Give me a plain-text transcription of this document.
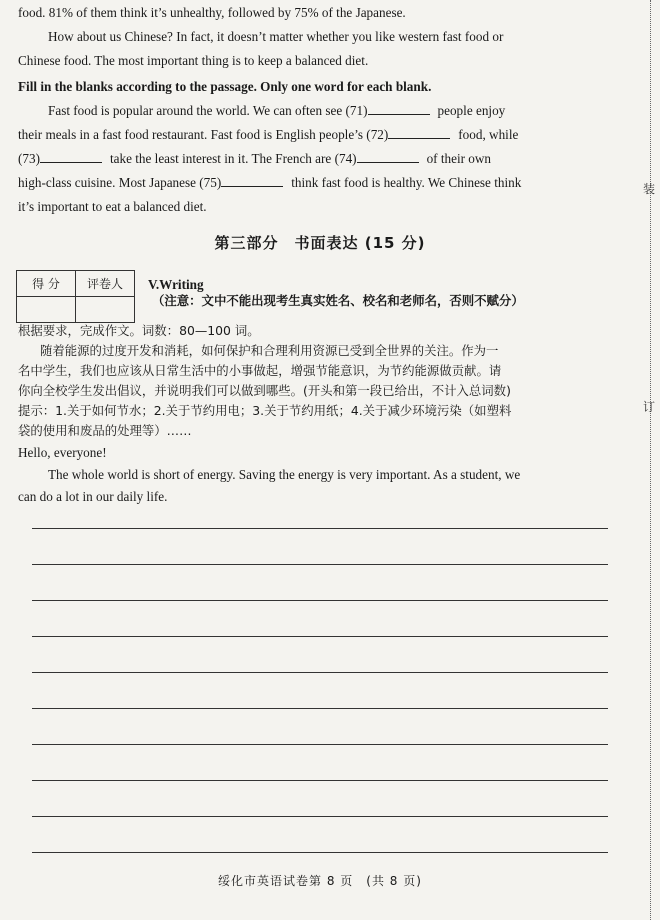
装
订
food. 81% of them think it’s unhealthy, followed by 75% of the Japanese.
How about us Chinese? In fact, it doesn’t matter whether you like western fast food or
Chinese food. The most important thing is to keep a balanced diet.
Fill in the blanks according to the passage. Only one word for each blank.
Fast food is popular around the world. We can often see (71)	people enjoy
their meals in a fast food restaurant. Fast food is English people’s (72)	food, while
(73)	take the least interest in it. The French are (74)	of their own
high-class cuisine. Most Japanese (75)	think fast food is healthy. We Chinese think
it’s important to eat a balanced diet.
第三部分　书面表达 (15 分)
得 分	评卷人
	V.Writing
（注意：文中不能出现考生真实姓名、校名和老师名，否则不赋分）
根据要求，完成作文。词数：80—100 词。
随着能源的过度开发和消耗，如何保护和合理利用资源已受到全世界的关注。作为一
名中学生，我们也应该从日常生活中的小事做起，增强节能意识，为节约能源做贡献。请
你向全校学生发出倡议，并说明我们可以做到哪些。(开头和第一段已给出，不计入总词数)
提示：1.关于如何节水；2.关于节约用电；3.关于节约用纸；4.关于减少环境污染（如塑料
袋的使用和废品的处理等）……
Hello, everyone!
The whole world is short of energy. Saving the energy is very important. As a student, we
can do a lot in our daily life.
绥化市英语试卷第 8 页　(共 8 页)
